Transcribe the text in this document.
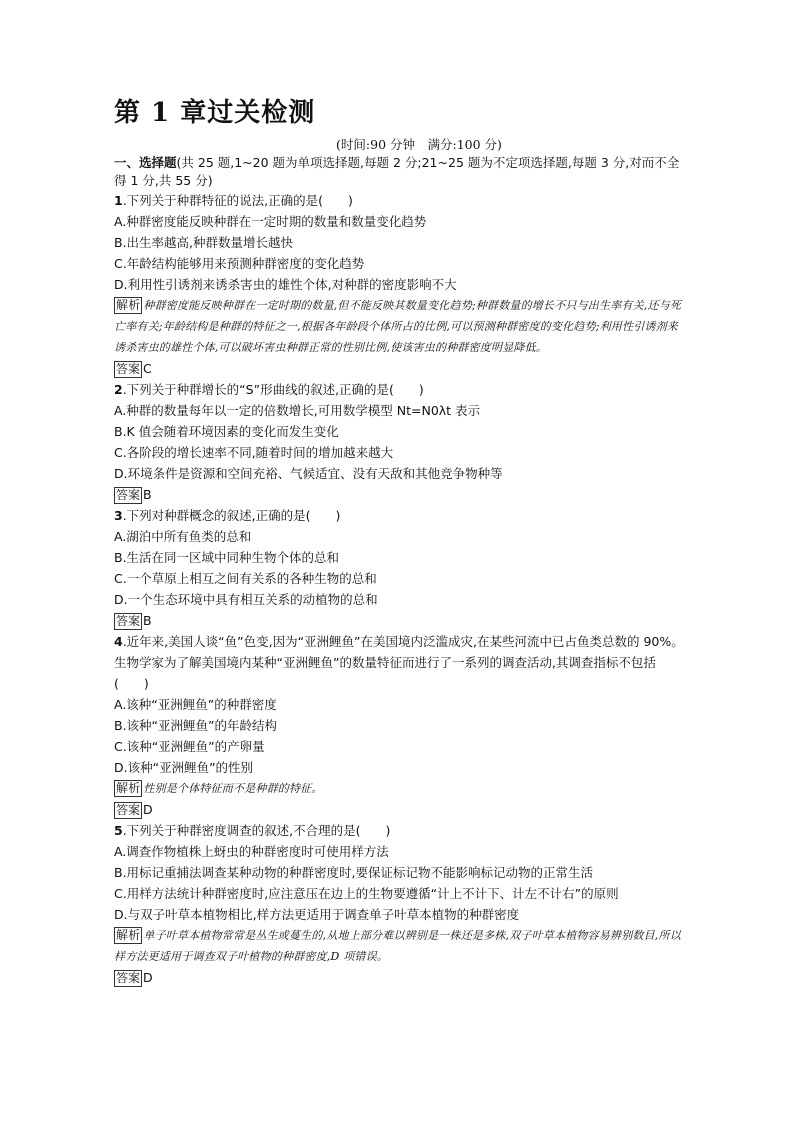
第 1 章过关检测
(时间:90 分钟　满分:100 分)

一、选择题(共 25 题,1~20 题为单项选择题,每题 2 分;21~25 题为不定项选择题,每题 3 分,对而不全得 1 分,共 55 分)

1.下列关于种群特征的说法,正确的是(　　)

A.种群密度能反映种群在一定时期的数量和数量变化趋势

B.出生率越高,种群数量增长越快

C.年龄结构能够用来预测种群密度的变化趋势

D.利用性引诱剂来诱杀害虫的雄性个体,对种群的密度影响不大

解析 种群密度能反映种群在一定时期的数量,但不能反映其数量变化趋势;种群数量的增长不只与出生率有关,还与死亡率有关;年龄结构是种群的特征之一,根据各年龄段个体所占的比例,可以预测种群密度的变化趋势;利用性引诱剂来诱杀害虫的雄性个体,可以破坏害虫种群正常的性别比例,使该害虫的种群密度明显降低。

答案 C

2.下列关于种群增长的“S”形曲线的叙述,正确的是(　　)

A.种群的数量每年以一定的倍数增长,可用数学模型 Nt=N0λt 表示

B.K 值会随着环境因素的变化而发生变化

C.各阶段的增长速率不同,随着时间的增加越来越大

D.环境条件是资源和空间充裕、气候适宜、没有天敌和其他竞争物种等

答案 B

3.下列对种群概念的叙述,正确的是(　　)

A.湖泊中所有鱼类的总和

B.生活在同一区域中同种生物个体的总和

C.一个草原上相互之间有关系的各种生物的总和

D.一个生态环境中具有相互关系的动植物的总和

答案 B

4.近年来,美国人谈“鱼”色变,因为“亚洲鲤鱼”在美国境内泛滥成灾,在某些河流中已占鱼类总数的 90%。生物学家为了解美国境内某种“亚洲鲤鱼”的数量特征而进行了一系列的调查活动,其调查指标不包括(　　)

A.该种“亚洲鲤鱼”的种群密度

B.该种“亚洲鲤鱼”的年龄结构

C.该种“亚洲鲤鱼”的产卵量

D.该种“亚洲鲤鱼”的性别

解析 性别是个体特征而不是种群的特征。

答案 D

5.下列关于种群密度调查的叙述,不合理的是(　　)

A.调查作物植株上蚜虫的种群密度时可使用样方法

B.用标记重捕法调查某种动物的种群密度时,要保证标记物不能影响标记动物的正常生活

C.用样方法统计种群密度时,应注意压在边上的生物要遵循“计上不计下、计左不计右”的原则

D.与双子叶草本植物相比,样方法更适用于调查单子叶草本植物的种群密度

解析 单子叶草本植物常常是丛生或蔓生的,从地上部分难以辨别是一株还是多株,双子叶草本植物容易辨别数目,所以样方法更适用于调查双子叶植物的种群密度,D 项错误。

答案 D
